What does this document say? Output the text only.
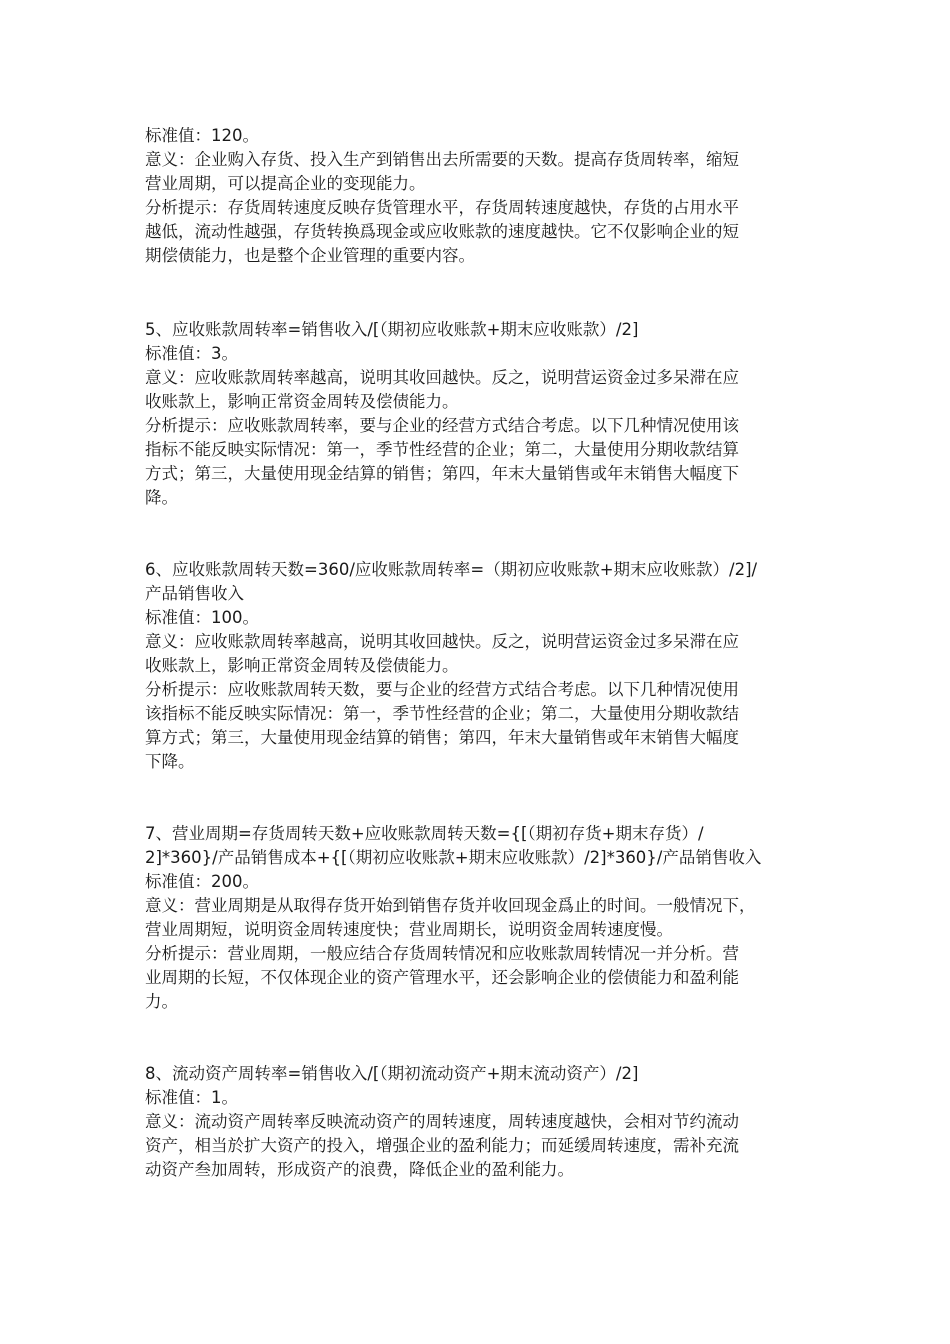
标准值：120。
意义：企业购入存货、投入生产到销售出去所需要的天数。提高存货周转率，缩短
营业周期，可以提高企业的变现能力。
分析提示：存货周转速度反映存货管理水平，存货周转速度越快，存货的占用水平
越低，流动性越强，存货转换爲现金或应收账款的速度越快。它不仅影响企业的短
期偿债能力，也是整个企业管理的重要内容。
5、应收账款周转率=销售收入/[（期初应收账款+期末应收账款）/2]
标准值：3。
意义：应收账款周转率越高，说明其收回越快。反之，说明营运资金过多呆滞在应
收账款上，影响正常资金周转及偿债能力。
分析提示：应收账款周转率，要与企业的经营方式结合考虑。以下几种情况使用该
指标不能反映实际情况：第一，季节性经营的企业；第二，大量使用分期收款结算
方式；第三，大量使用现金结算的销售；第四，年末大量销售或年末销售大幅度下
降。
6、应收账款周转天数=360/应收账款周转率=（期初应收账款+期末应收账款）/2]/
产品销售收入
标准值：100。
意义：应收账款周转率越高，说明其收回越快。反之，说明营运资金过多呆滞在应
收账款上，影响正常资金周转及偿债能力。
分析提示：应收账款周转天数，要与企业的经营方式结合考虑。以下几种情况使用
该指标不能反映实际情况：第一，季节性经营的企业；第二，大量使用分期收款结
算方式；第三，大量使用现金结算的销售；第四，年末大量销售或年末销售大幅度
下降。
7、营业周期=存货周转天数+应收账款周转天数={[（期初存货+期末存货）/
2]*360}/产品销售成本+{[（期初应收账款+期末应收账款）/2]*360}/产品销售收入
标准值：200。
意义：营业周期是从取得存货开始到销售存货并收回现金爲止的时间。一般情况下，
营业周期短，说明资金周转速度快；营业周期长，说明资金周转速度慢。
分析提示：营业周期，一般应结合存货周转情况和应收账款周转情况一并分析。营
业周期的长短，不仅体现企业的资产管理水平，还会影响企业的偿债能力和盈利能
力。
8、流动资产周转率=销售收入/[（期初流动资产+期末流动资产）/2]
标准值：1。
意义：流动资产周转率反映流动资产的周转速度，周转速度越快，会相对节约流动
资产，相当於扩大资产的投入，增强企业的盈利能力；而延缓周转速度，需补充流
动资产叁加周转，形成资产的浪费，降低企业的盈利能力。
